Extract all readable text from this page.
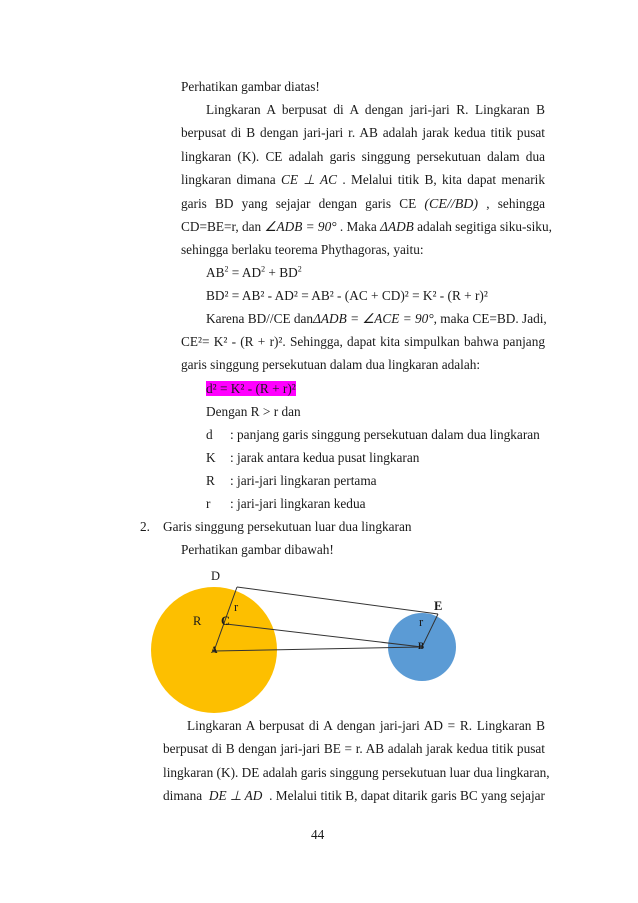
Perhatikan gambar diatas!
Lingkaran A berpusat di A dengan jari-jari R. Lingkaran B
berpusat di B dengan jari-jari r. AB adalah jarak kedua titik pusat
lingkaran (K). CE adalah garis singgung persekutuan dalam dua
lingkaran dimana CE ⊥ AC . Melalui titik B, kita dapat menarik
garis BD yang sejajar dengan garis CE (CE//BD) , sehingga
CD=BE=r, dan ∠ADB = 90° . Maka ΔADB adalah segitiga siku-siku,
sehingga berlaku teorema Phythagoras, yaitu:
$AB^2 = AD^2 + BD^2$
BD² = AB² - AD² = AB² - (AC + CD)² = K² - (R + r)²
Karena BD//CE dan ΔADB = ∠ACE = 90° , maka CE=BD. Jadi,
CE²= K² - (R + r)². Sehingga, dapat kita simpulkan bahwa panjang
garis singgung persekutuan dalam dua lingkaran adalah:
d² = K² - (R + r)²
Dengan R > r dan
d : panjang garis singgung persekutuan dalam dua lingkaran
K : jarak antara kedua pusat lingkaran
R : jari-jari lingkaran pertama
r : jari-jari lingkaran kedua
2. Garis singgung persekutuan luar dua lingkaran
Perhatikan gambar dibawah!
D
r
R C
A
E
r
B
Lingkaran A berpusat di A dengan jari-jari AD = R. Lingkaran B
berpusat di B dengan jari-jari BE = r. AB adalah jarak kedua titik pusat
lingkaran (K). DE adalah garis singgung persekutuan luar dua lingkaran,
dimana DE ⊥ AD . Melalui titik B, dapat ditarik garis BC yang sejajar
44
